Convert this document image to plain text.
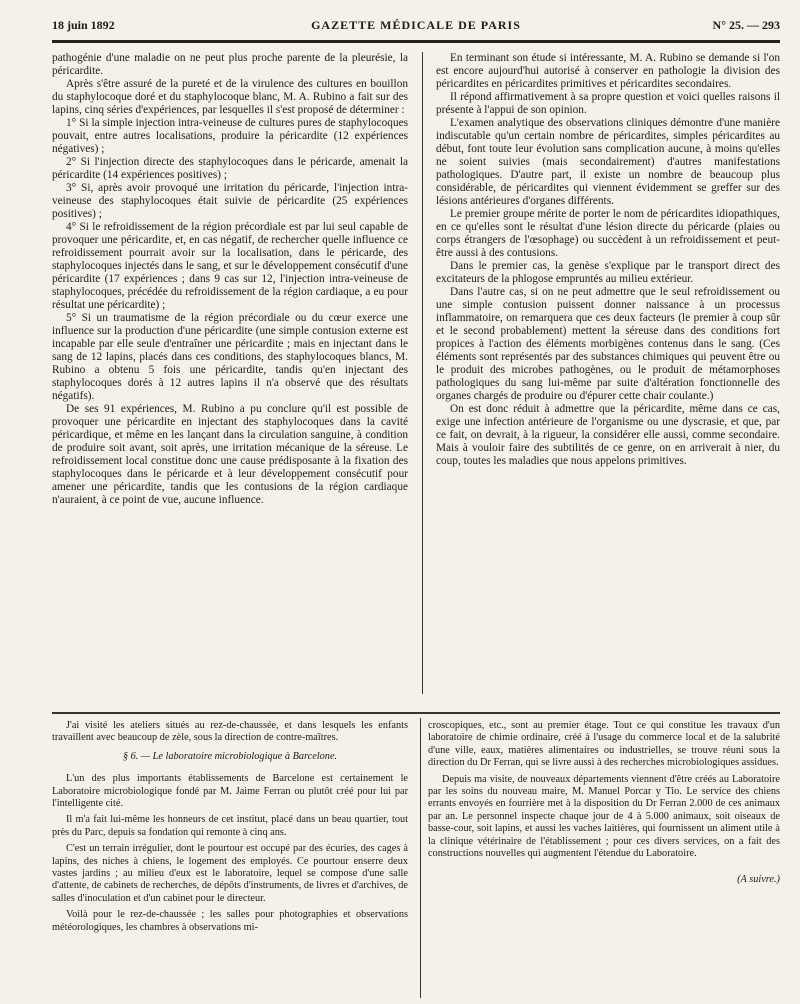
18 juin 1892	GAZETTE MÉDICALE DE PARIS	N° 25. — 293

pathogénie d'une maladie on ne peut plus proche parente de la pleurésie, la péricardite.

Après s'être assuré de la pureté et de la virulence des cultures en bouillon du staphylocoque doré et du staphylocoque blanc, M. A. Rubino a fait sur des lapins, cinq séries d'expériences, par lesquelles il s'est proposé de déterminer :

1° Si la simple injection intra-veineuse de cultures pures de staphylocoques pouvait, entre autres localisations, produire la péricardite (12 expériences négatives) ;

2° Si l'injection directe des staphylocoques dans le péricarde, amenait la péricardite (14 expériences positives) ;

3° Si, après avoir provoqué une irritation du péricarde, l'injection intra-veineuse des staphylocoques était suivie de péricardite (25 expériences positives) ;

4° Si le refroidissement de la région précordiale est par lui seul capable de provoquer une péricardite, et, en cas négatif, de rechercher quelle influence ce refroidissement pourrait avoir sur la localisation, dans le péricarde, des staphylocoques injectés dans le sang, et sur le développement consécutif d'une péricardite (17 expériences ; dans 9 cas sur 12, l'injection intra-veineuse de staphylocoques, précédée du refroidissement de la région cardiaque, a eu pour résultat une péricardite) ;

5° Si un traumatisme de la région précordiale ou du cœur exerce une influence sur la production d'une péricardite (une simple contusion externe est incapable par elle seule d'entraîner une péricardite ; mais en injectant dans le sang de 12 lapins, placés dans ces conditions, des staphylocoques blancs, M. Rubino a obtenu 5 fois une péricardite, tandis qu'en injectant des staphylocoques dorés à 12 autres lapins il n'a observé que des résultats négatifs).

De ses 91 expériences, M. Rubino a pu conclure qu'il est possible de provoquer une péricardite en injectant des staphylocoques dans la cavité péricardique, et même en les lançant dans la circulation sanguine, à condition de produire soit avant, soit après, une irritation mécanique de la séreuse. Le refroidissement local constitue donc une cause prédisposante à la fixation des staphylocoques dans le péricarde et à leur développement consécutif pour amener une péricardite, tandis que les contusions de la région cardiaque n'auraient, à ce point de vue, aucune influence.

En terminant son étude si intéressante, M. A. Rubino se demande si l'on est encore aujourd'hui autorisé à conserver en pathologie la division des péricardites en péricardites primitives et péricardites secondaires.

Il répond affirmativement à sa propre question et voici quelles raisons il présente à l'appui de son opinion.

L'examen analytique des observations cliniques démontre d'une manière indiscutable qu'un certain nombre de péricardites, simples péricardites au début, font toute leur évolution sans complication aucune, à moins qu'elles ne soient suivies (mais secondairement) d'autres manifestations pathologiques. D'autre part, il existe un nombre de beaucoup plus considérable, de péricardites qui viennent évidemment se greffer sur des lésions antérieures d'organes différents.

Le premier groupe mérite de porter le nom de péricardites idiopathiques, en ce qu'elles sont le résultat d'une lésion directe du péricarde (plaies ou corps étrangers de l'œsophage) ou succèdent à un refroidissement et peut-être aussi à des contusions.

Dans le premier cas, la genèse s'explique par le transport direct des excitateurs de la phlogose empruntés au milieu extérieur.

Dans l'autre cas, si on ne peut admettre que le seul refroidissement ou une simple contusion puissent donner naissance à un processus inflammatoire, on remarquera que ces deux facteurs (le premier à coup sûr et le second probablement) mettent la séreuse dans des conditions fort propices à l'action des éléments morbigènes contenus dans le sang. (Ces éléments sont représentés par des substances chimiques qui peuvent être ou le produit des microbes pathogènes, ou le produit de métamorphoses pathologiques du sang lui-même par suite d'altération fonctionnelle des organes chargés de produire ou d'épurer cette chair coulante.)

On est donc réduit à admettre que la péricardite, même dans ce cas, exige une infection antérieure de l'organisme ou une dyscrasie, et que, par ce fait, on devrait, à la rigueur, la considérer elle aussi, comme secondaire. Mais à vouloir faire des subtilités de ce genre, on en arriverait à nier, du coup, toutes les maladies que nous appelons primitives.

J'ai visité les ateliers situés au rez-de-chaussée, et dans lesquels les enfants travaillent avec beaucoup de zèle, sous la direction de contre-maîtres.

§ 6. — Le laboratoire microbiologique à Barcelone.

L'un des plus importants établissements de Barcelone est certainement le Laboratoire microbiologique fondé par M. Jaime Ferran ou plutôt créé pour lui par l'intelligente cité.

Il m'a fait lui-même les honneurs de cet institut, placé dans un beau quartier, tout près du Parc, depuis sa fondation qui remonte à cinq ans.

C'est un terrain irrégulier, dont le pourtour est occupé par des écuries, des cages à lapins, des niches à chiens, le logement des employés. Ce pourtour enserre deux vastes jardins ; au milieu d'eux est le laboratoire, lequel se compose d'une salle d'attente, de cabinets de recherches, de dépôts d'instruments, de livres et d'archives, de salles d'inoculation et d'un cabinet pour le directeur.

Voilà pour le rez-de-chaussée ; les salles pour photographies et observations météorologiques, les chambres à observations mi-

croscopiques, etc., sont au premier étage. Tout ce qui constitue les travaux d'un laboratoire de chimie ordinaire, créé à l'usage du commerce local et de la salubrité d'une ville, eaux, matières alimentaires ou industrielles, se trouve réuni sous la direction du Dr Ferran, qui se livre aussi à des recherches microbiologiques assidues.

Depuis ma visite, de nouveaux départements viennent d'être créés au Laboratoire par les soins du nouveau maire, M. Manuel Porcar y Tio. Le service des chiens errants envoyés en fourrière met à la disposition du Dr Ferran 2.000 de ces animaux par an. Le personnel inspecte chaque jour de 4 à 5.000 animaux, soit oiseaux de basse-cour, soit lapins, et aussi les vaches laitières, qui fournissent un aliment utile à la clinique vétérinaire de l'établissement ; pour ces divers services, on a fait des constructions nouvelles qui augmentent l'étendue du Laboratoire.

(A suivre.)
